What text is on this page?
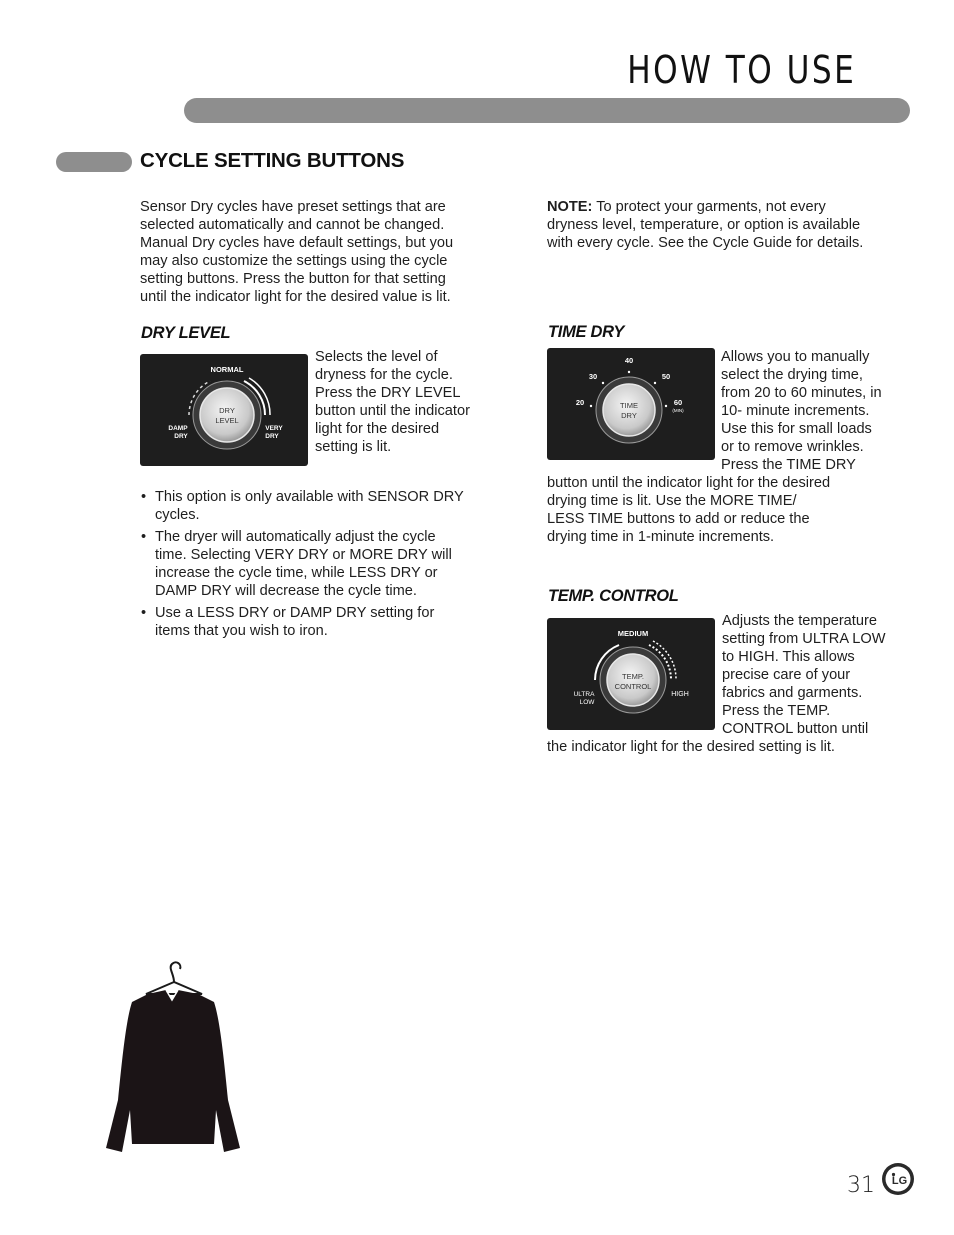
HOW TO USE
CYCLE SETTING BUTTONS
Sensor Dry cycles have preset settings that are
selected automatically and cannot be changed.
Manual Dry cycles have default settings, but you
may also customize the settings using the cycle
setting buttons. Press the button for that setting
until the indicator light for the desired value is lit.
NOTE: To protect your garments, not every
dryness level, temperature, or option is available
with every cycle. See the Cycle Guide for details.
DRY LEVEL
NORMAL
DRY
LEVEL
DAMP
DRY
VERY
DRY
Selects the level of
dryness for the cycle.
Press the DRY LEVEL
button until the indicator
light for the desired
setting is lit.
• This option is only available with SENSOR DRY
cycles.
• The dryer will automatically adjust the cycle
time. Selecting VERY DRY or MORE DRY will
increase the cycle time, while LESS DRY or
DAMP DRY will decrease the cycle time.
• Use a LESS DRY or DAMP DRY setting for
items that you wish to iron.
TIME DRY
20
30
40
50
60
(MIN)
TIME
DRY
Allows you to manually
select the drying time,
from 20 to 60 minutes, in
10- minute increments.
Use this for small loads
or to remove wrinkles.
Press the TIME DRY
button until the indicator light for the desired
drying time is lit. Use the MORE TIME/
LESS TIME buttons to add or reduce the
drying time in 1-minute increments.
TEMP. CONTROL
MEDIUM
TEMP.
CONTROL
ULTRA
LOW
HIGH
Adjusts the temperature
setting from ULTRA LOW
to HIGH. This allows
precise care of your
fabrics and garments.
Press the TEMP.
CONTROL button until
the indicator light for the desired setting is lit.
31 LG
